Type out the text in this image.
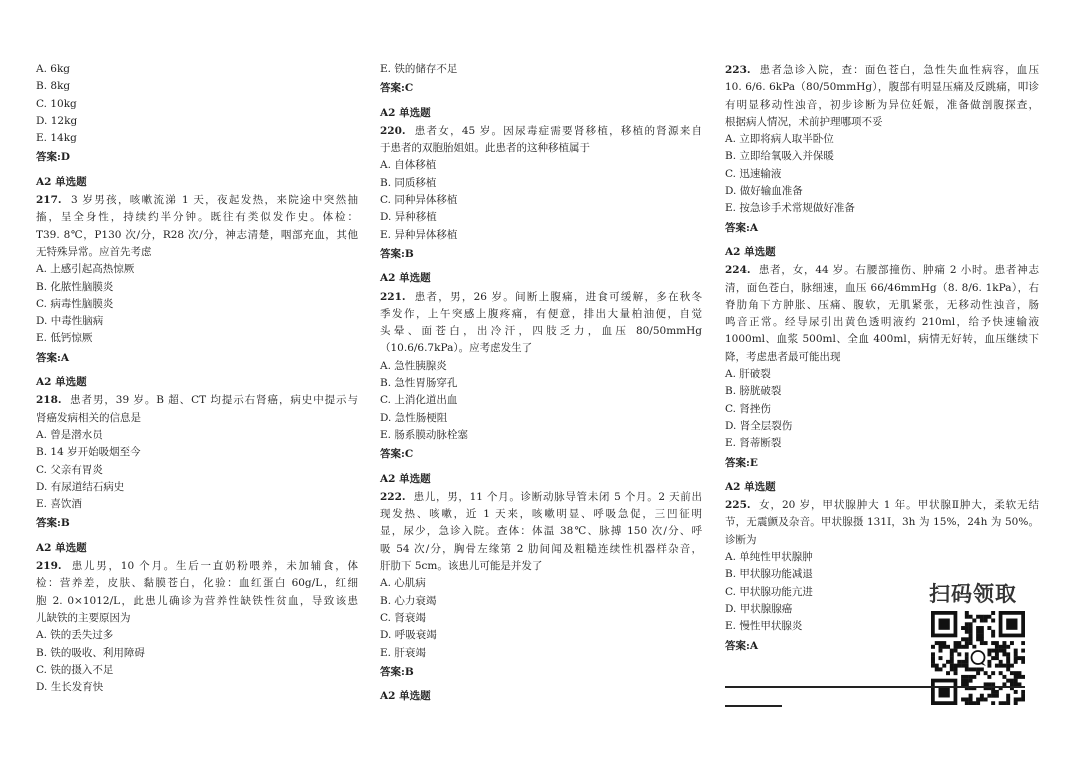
A. 6kg
B. 8kg
C. 10kg
D. 12kg
E. 14kg
答案:D
A2 单选题
217. 3 岁男孩，咳嗽流涕 1 天，夜起发热，来院途中突然抽
搐，呈全身性，持续约半分钟。既往有类似发作史。体检：
T39. 8℃，P130 次/分，R28 次/分，神志清楚，咽部充血，其他
无特殊异常。应首先考虑
A. 上感引起高热惊厥
B. 化脓性脑膜炎
C. 病毒性脑膜炎
D. 中毒性脑病
E. 低钙惊厥
答案:A
A2 单选题
218. 患者男，39 岁。B 超、CT 均提示右肾癌，病史中提示与
肾癌发病相关的信息是
A. 曾是潜水员
B. 14 岁开始吸烟至今
C. 父亲有胃炎
D. 有尿道结石病史
E. 喜饮酒
答案:B
A2 单选题
219. 患儿男，10 个月。生后一直奶粉喂养，未加辅食，体
检：营养差，皮肤、黏膜苍白，化验：血红蛋白 60g/L，红细
胞 2. 0×1012/L，此患儿确诊为营养性缺铁性贫血，导致该患
儿缺铁的主要原因为
A. 铁的丢失过多
B. 铁的吸收、利用障碍
C. 铁的摄入不足
D. 生长发育快
E. 铁的储存不足
答案:C
A2 单选题
220. 患者女，45 岁。因尿毒症需要肾移植，移植的肾源来自
于患者的双胞胎姐姐。此患者的这种移植属于
A. 自体移植
B. 同质移植
C. 同种异体移植
D. 异种移植
E. 异种异体移植
答案:B
A2 单选题
221. 患者，男，26 岁。间断上腹痛，进食可缓解，多在秋冬
季发作，上午突感上腹疼痛，有便意，排出大量柏油便，自觉
头晕、面苍白，出冷汗，四肢乏力，血压 80/50mmHg
（10.6/6.7kPa）。应考虑发生了
A. 急性胰腺炎
B. 急性胃肠穿孔
C. 上消化道出血
D. 急性肠梗阻
E. 肠系膜动脉栓塞
答案:C
A2 单选题
222. 患儿，男，11 个月。诊断动脉导管未闭 5 个月。2 天前出
现发热、咳嗽，近 1 天来，咳嗽明显、呼吸急促，三凹征明
显，尿少，急诊入院。查体：体温 38℃、脉搏 150 次/分、呼
吸 54 次/分，胸骨左缘第 2 肋间闻及粗糙连续性机器样杂音，
肝肋下 5cm。该患儿可能是并发了
A. 心肌病
B. 心力衰竭
C. 肾衰竭
D. 呼吸衰竭
E. 肝衰竭
答案:B
A2 单选题
223. 患者急诊入院，查：面色苍白，急性失血性病容，血压
10. 6/6. 6kPa（80/50mmHg），腹部有明显压痛及反跳痛，叩诊
有明显移动性浊音，初步诊断为异位妊娠，准备做剖腹探查，
根据病人情况，术前护理哪项不妥
A. 立即将病人取半卧位
B. 立即给氧吸入并保暖
C. 迅速输液
D. 做好输血准备
E. 按急诊手术常规做好准备
答案:A
A2 单选题
224. 患者，女，44 岁。右腰部撞伤、肿痛 2 小时。患者神志
清，面色苍白，脉细速，血压 66/46mmHg（8. 8/6. 1kPa），右
脊肋角下方肿胀、压痛、腹软，无肌紧张，无移动性浊音，肠
鸣音正常。经导尿引出黄色透明液约 210ml，给予快速输液
1000ml、血浆 500ml、全血 400ml，病情无好转，血压继续下
降，考虑患者最可能出现
A. 肝破裂
B. 膀胱破裂
C. 肾挫伤
D. 肾全层裂伤
E. 肾蒂断裂
答案:E
A2 单选题
225. 女，20 岁，甲状腺肿大 1 年。甲状腺Ⅱ肿大，柔软无结
节，无震颤及杂音。甲状腺摄 131I，3h 为 15%，24h 为 50%。
诊断为
A. 单纯性甲状腺肿
B. 甲状腺功能减退
C. 甲状腺功能亢进
D. 甲状腺腺癌
E. 慢性甲状腺炎
答案:A
扫码领取
